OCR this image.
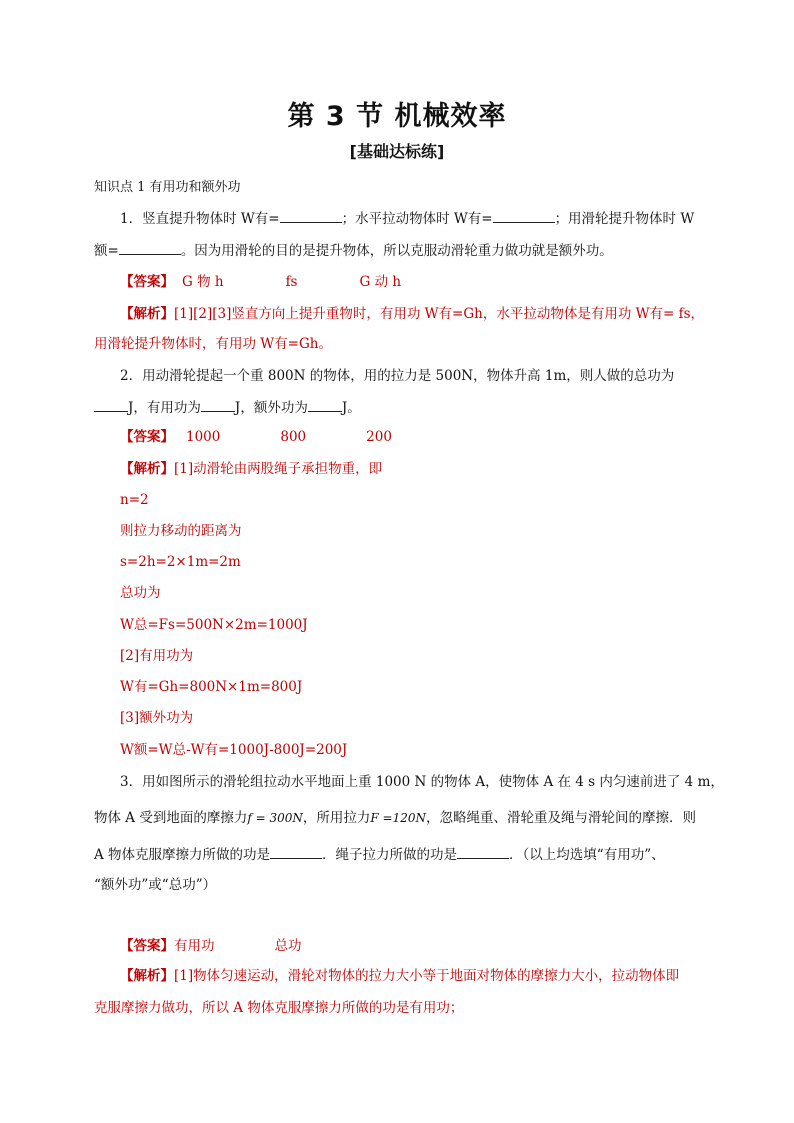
第 3 节 机械效率
[基础达标练]
知识点 1 有用功和额外功
1．竖直提升物体时 W有=	；水平拉动物体时 W有=	；用滑轮提升物体时 W
额=	。因为用滑轮的目的是提升物体，所以克服动滑轮重力做功就是额外功。
【答案】 G 物 h	fs	G 动 h
【解析】[1][2][3]竖直方向上提升重物时，有用功 W有=Gh，水平拉动物体是有用功 W有= fs，
用滑轮提升物体时，有用功 W有=Gh。
2．用动滑轮提起一个重 800N 的物体，用的拉力是 500N，物体升高 1m，则人做的总功为
J，有用功为	J，额外功为	J。
【答案】 1000	800	200
【解析】[1]动滑轮由两股绳子承担物重，即
n=2
则拉力移动的距离为
s=2h=2×1m=2m
总功为
W总=Fs=500N×2m=1000J
[2]有用功为
W有=Gh=800N×1m=800J
[3]额外功为
W额=W总-W有=1000J-800J=200J
3．用如图所示的滑轮组拉动水平地面上重 1000 N 的物体 A，使物体 A 在 4 s 内匀速前进了 4 m，
物体 A 受到地面的摩擦力f = 300N，所用拉力F =120N，忽略绳重、滑轮重及绳与滑轮间的摩擦．则
A 物体克服摩擦力所做的功是	．绳子拉力所做的功是	．（以上均选填“有用功”、
“额外功”或“总功”）
【答案】有用功	总功
【解析】[1]物体匀速运动，滑轮对物体的拉力大小等于地面对物体的摩擦力大小，拉动物体即
克服摩擦力做功，所以 A 物体克服摩擦力所做的功是有用功；
